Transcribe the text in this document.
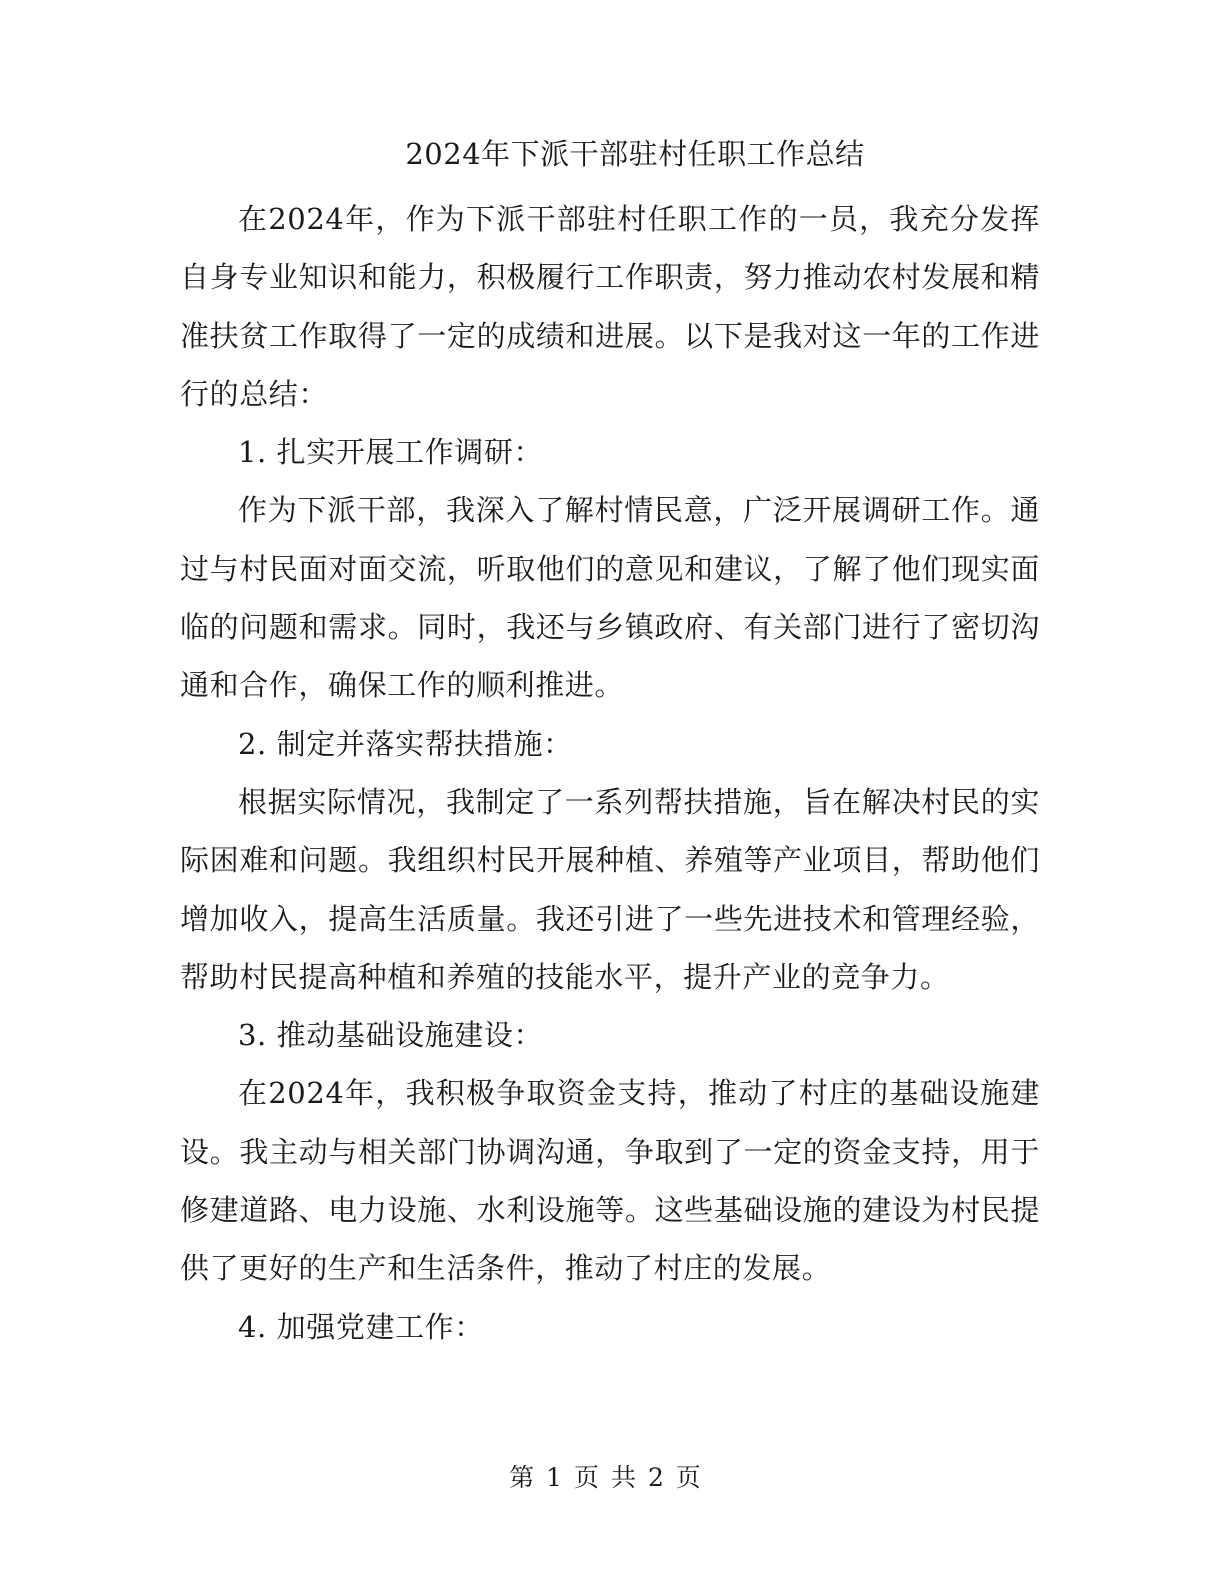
2024年下派干部驻村任职工作总结

在2024年，作为下派干部驻村任职工作的一员，我充分发挥自身专业知识和能力，积极履行工作职责，努力推动农村发展和精准扶贫工作取得了一定的成绩和进展。以下是我对这一年的工作进行的总结：

1. 扎实开展工作调研：

作为下派干部，我深入了解村情民意，广泛开展调研工作。通过与村民面对面交流，听取他们的意见和建议，了解了他们现实面临的问题和需求。同时，我还与乡镇政府、有关部门进行了密切沟通和合作，确保工作的顺利推进。

2. 制定并落实帮扶措施：

根据实际情况，我制定了一系列帮扶措施，旨在解决村民的实际困难和问题。我组织村民开展种植、养殖等产业项目，帮助他们增加收入，提高生活质量。我还引进了一些先进技术和管理经验，帮助村民提高种植和养殖的技能水平，提升产业的竞争力。

3. 推动基础设施建设：

在2024年，我积极争取资金支持，推动了村庄的基础设施建设。我主动与相关部门协调沟通，争取到了一定的资金支持，用于修建道路、电力设施、水利设施等。这些基础设施的建设为村民提供了更好的生产和生活条件，推动了村庄的发展。

4. 加强党建工作：

第 1 页 共 2 页
